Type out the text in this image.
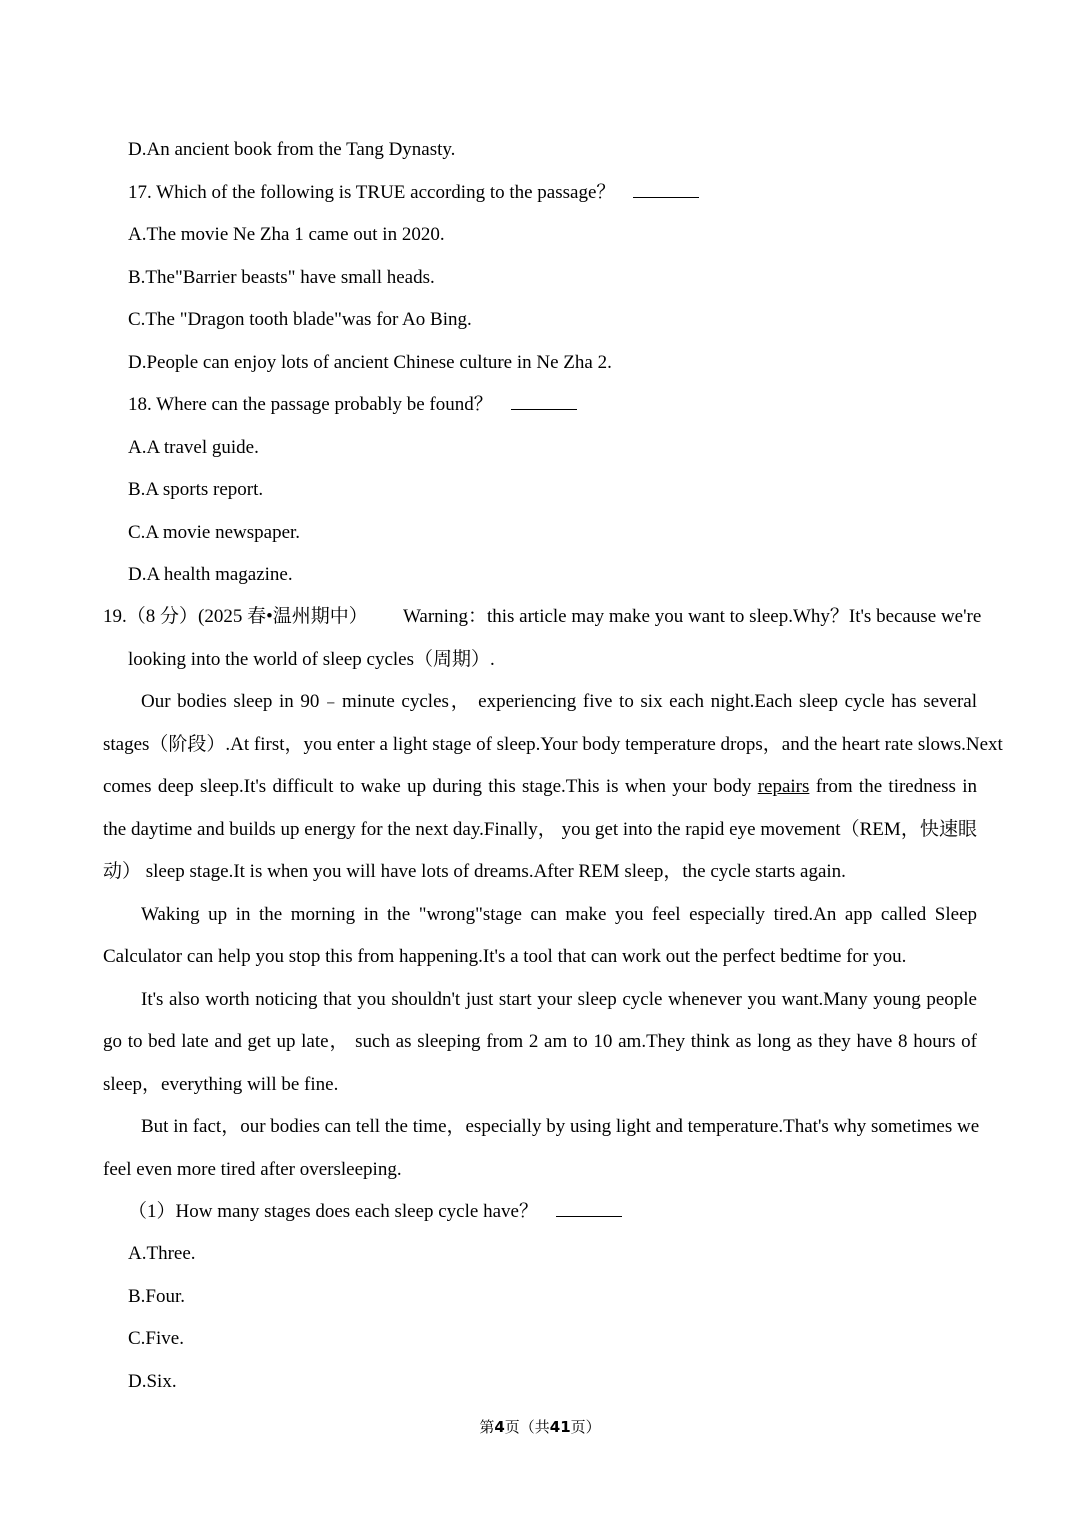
D.An ancient book from the Tang Dynasty.

17. Which of the following is TRUE according to the passage？

A.The movie Ne Zha 1 came out in 2020.

B.The"Barrier beasts" have small heads.

C.The "Dragon tooth blade"was for Ao Bing.

D.People can enjoy lots of ancient Chinese culture in Ne Zha 2.

18. Where can the passage probably be found？

A.A travel guide.

B.A sports report.

C.A movie newspaper.

D.A health magazine.

19.（8 分）(2025 春•温州期中） Warning：this article may make you want to sleep.Why？It's because we're

looking into the world of sleep cycles（周期）.

Our bodies sleep in 90﹣minute cycles， experiencing five to six each night.Each sleep cycle has several

stages（阶段）.At first，you enter a light stage of sleep.Your body temperature drops，and the heart rate slows.Next

comes deep sleep.It's difficult to wake up during this stage.This is when your body repairs from the tiredness in

the daytime and builds up energy for the next day.Finally， you get into the rapid eye movement（REM，快速眼

动） sleep stage.It is when you will have lots of dreams.After REM sleep，the cycle starts again.

Waking up in the morning in the "wrong"stage can make you feel especially tired.An app called Sleep

Calculator can help you stop this from happening.It's a tool that can work out the perfect bedtime for you.

It's also worth noticing that you shouldn't just start your sleep cycle whenever you want.Many young people

go to bed late and get up late， such as sleeping from 2 am to 10 am.They think as long as they have 8 hours of

sleep，everything will be fine.

But in fact，our bodies can tell the time，especially by using light and temperature.That's why sometimes we

feel even more tired after oversleeping.

（1）How many stages does each sleep cycle have？

A.Three.

B.Four.

C.Five.

D.Six.

第4页（共41页）
